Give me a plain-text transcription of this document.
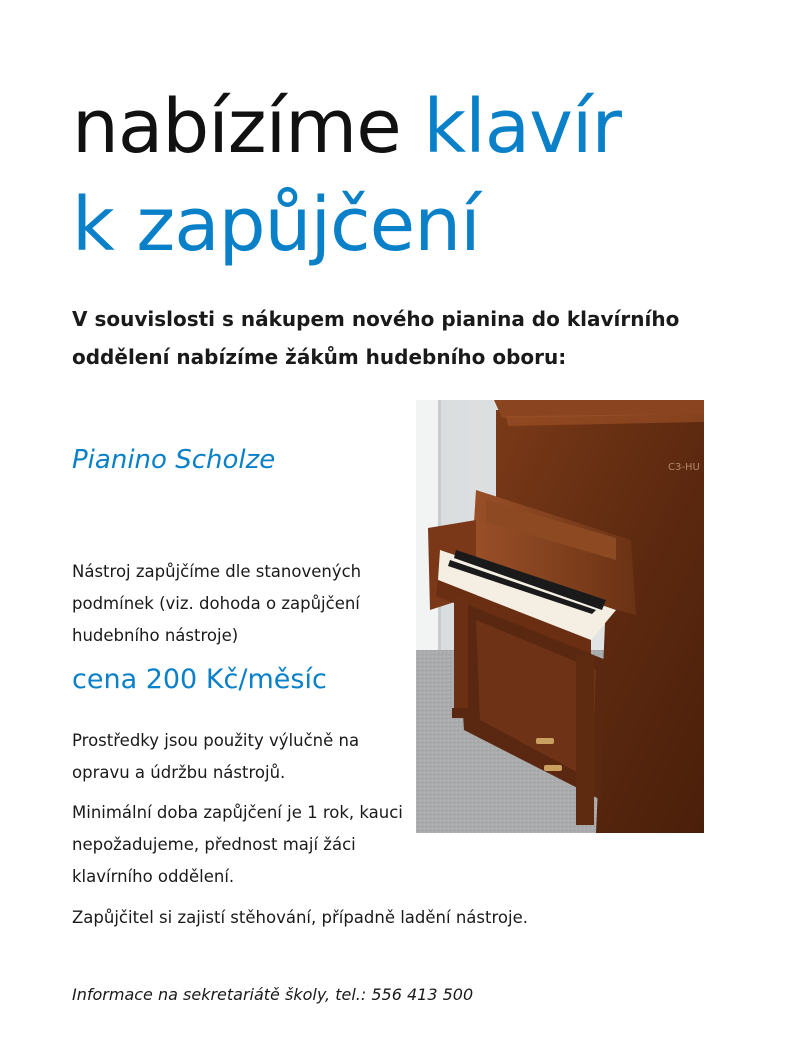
nabízíme klavír
k zapůjčení

V souvislosti s nákupem nového pianina do klavírního oddělení nabízíme žákům hudebního oboru:

Pianino Scholze

Nástroj zapůjčíme dle stanovených podmínek (viz. dohoda o zapůjčení hudebního nástroje)

cena 200 Kč/měsíc

Prostředky jsou použity výlučně na opravu a údržbu nástrojů.

Minimální doba zapůjčení je 1 rok, kauci nepožadujeme, přednost mají žáci klavírního oddělení.

Zapůjčitel si zajistí stěhování, případně ladění nástroje.

Informace na sekretariátě školy, tel.: 556 413 500

C3-HU
